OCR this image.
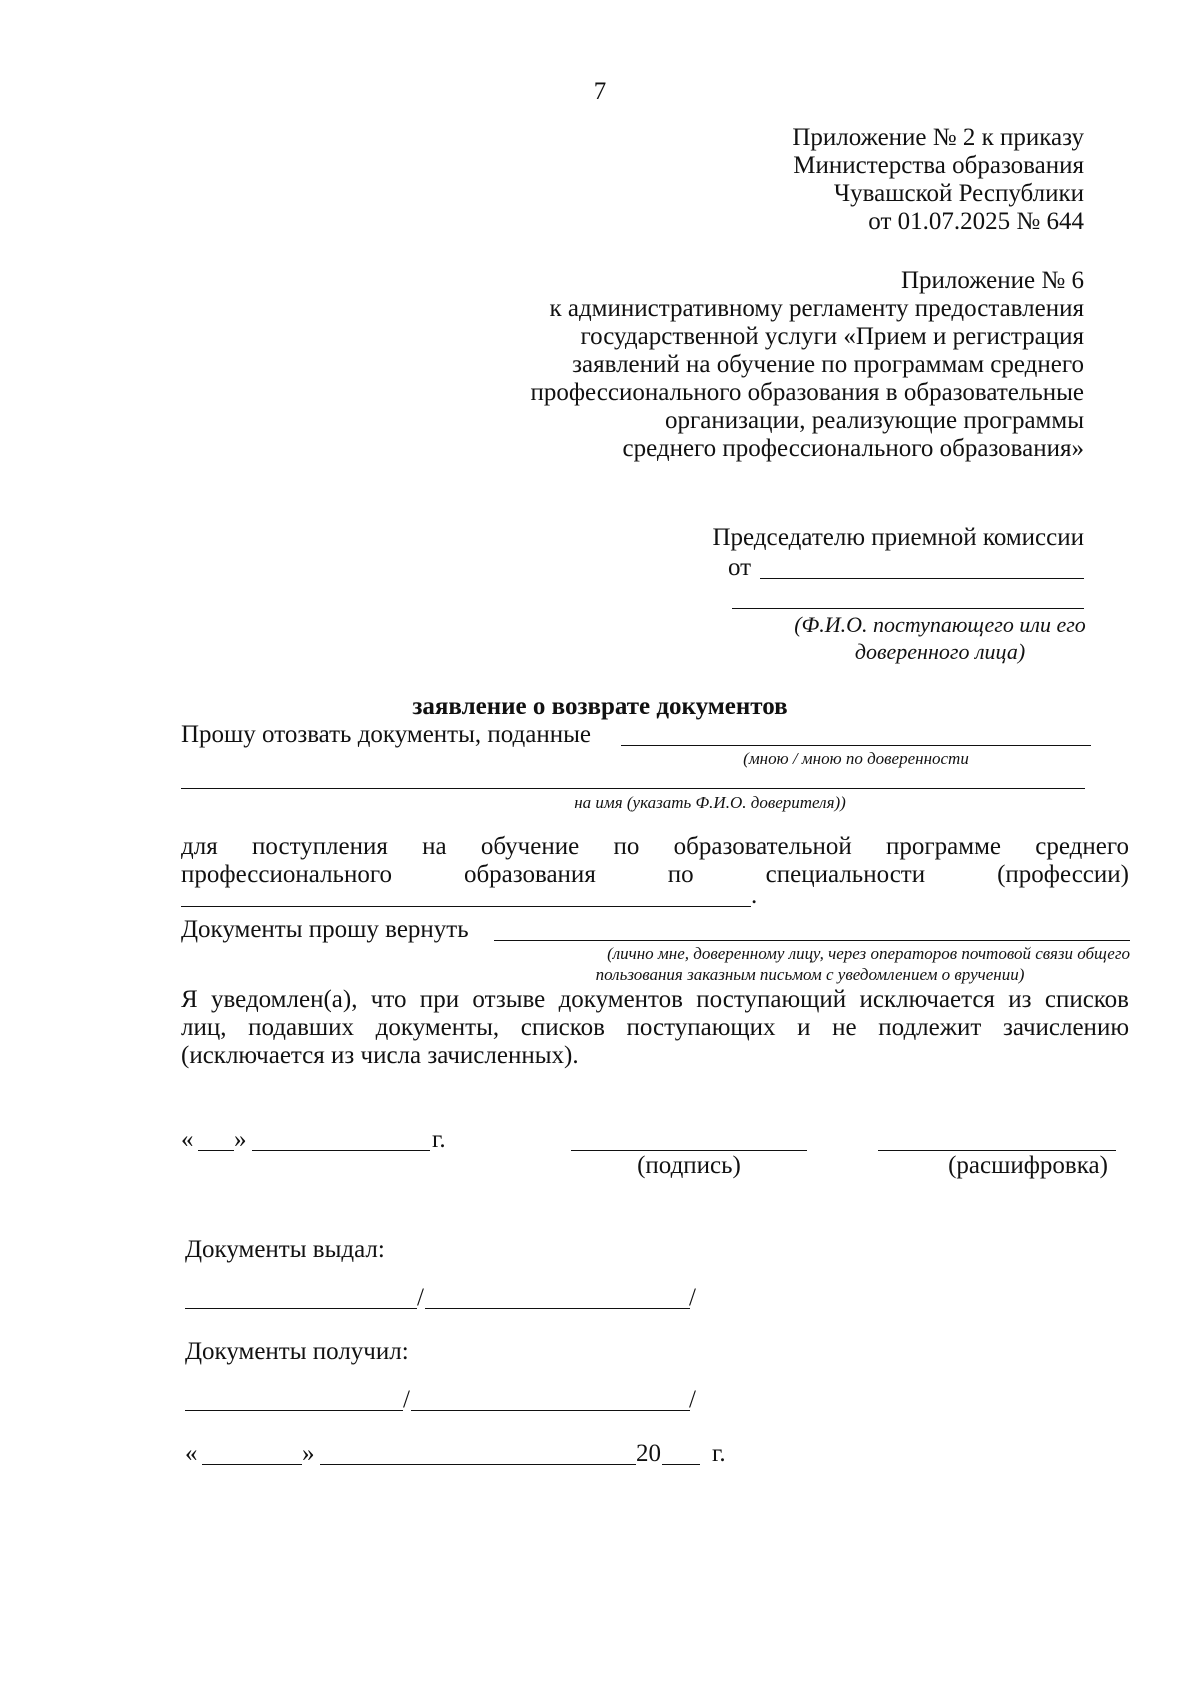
7
Приложение № 2 к приказу
Министерства образования
Чувашской Республики
от 01.07.2025 № 644
Приложение № 6
к административному регламенту предоставления
государственной услуги «Прием и регистрация
заявлений на обучение по программам среднего
профессионального образования в образовательные
организации, реализующие программы
среднего профессионального образования»
Председателю приемной комиссии
от
(Ф.И.О. поступающего или его
доверенного лица)
заявление о возврате документов
Прошу отозвать документы, поданные
(мною / мною по доверенности
на имя (указать Ф.И.О. доверителя))
для поступления на обучение по образовательной программе среднего
профессионального образования по специальности (профессии)
.
Документы прошу вернуть
(лично мне, доверенному лицу, через операторов почтовой связи общего
пользования заказным письмом с уведомлением о вручении)
Я уведомлен(а), что при отзыве документов поступающий исключается из списков
лиц, подавших документы, списков поступающих и не подлежит зачислению
(исключается из числа зачисленных).
« »	г.
(подпись)	(расшифровка)
Документы выдал:
/	/
Документы получил:
/	/
«	»	20 г.
